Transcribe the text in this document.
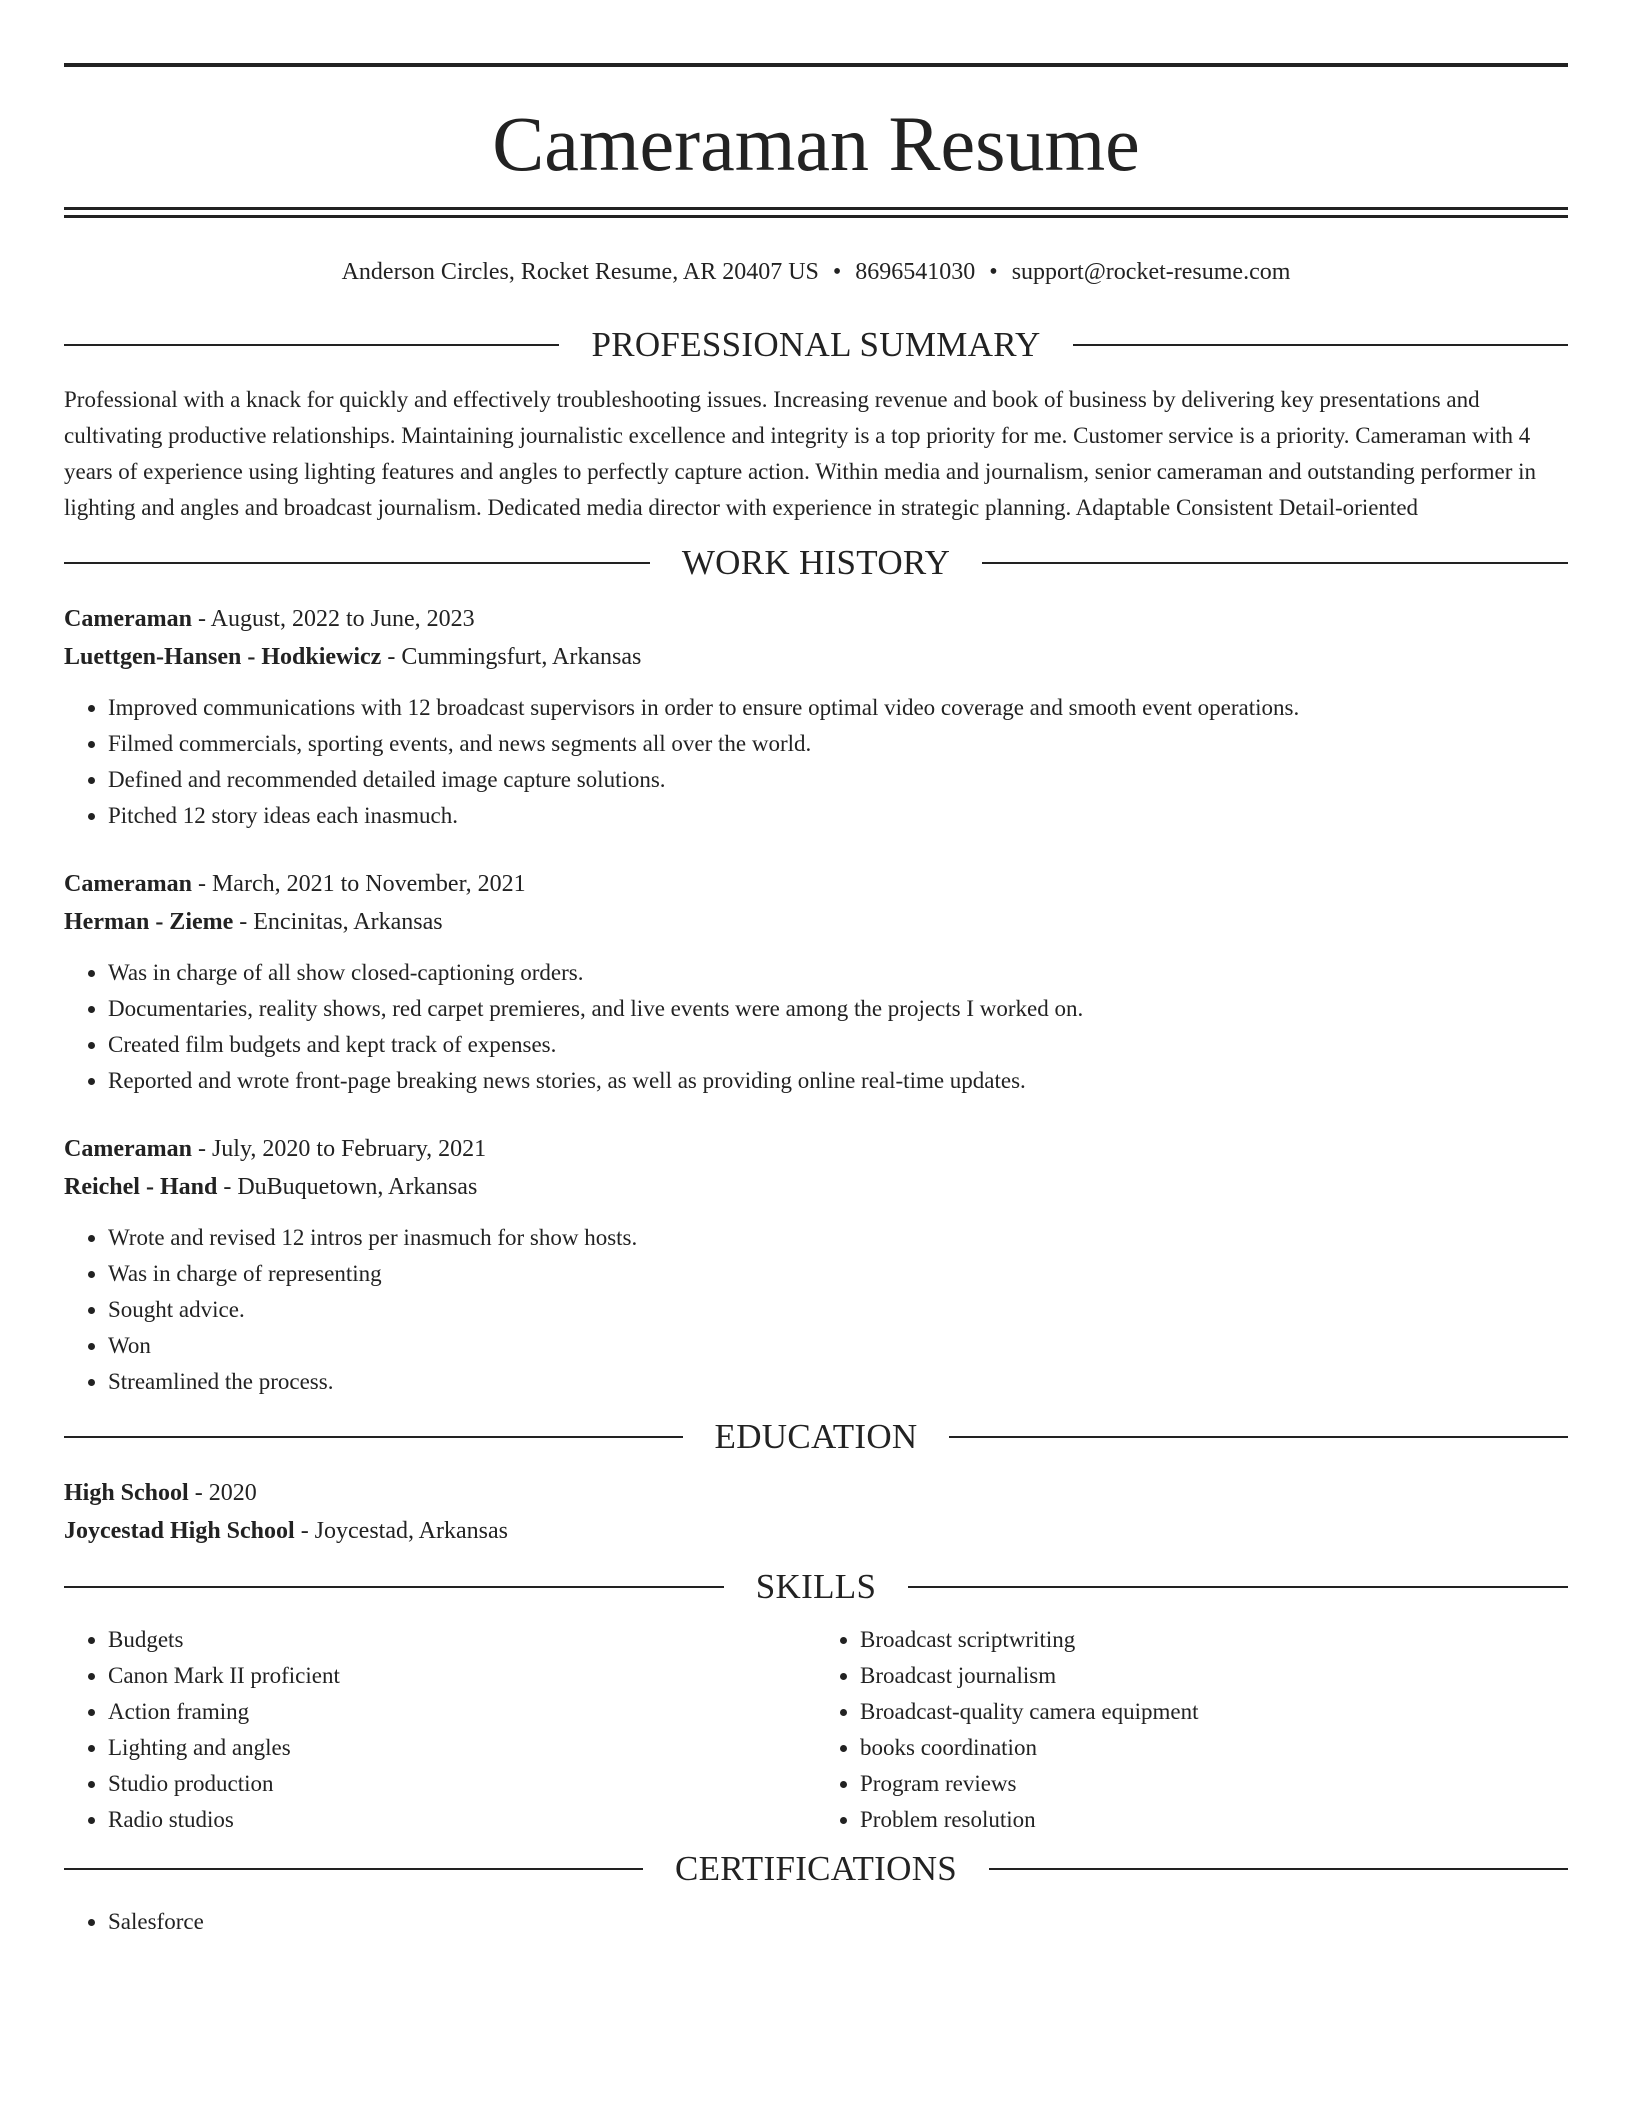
Cameraman Resume
Anderson Circles, Rocket Resume, AR 20407 US • 8696541030 • support@rocket-resume.com
PROFESSIONAL SUMMARY

Professional with a knack for quickly and effectively troubleshooting issues. Increasing revenue and book of business by delivering key presentations and cultivating productive relationships. Maintaining journalistic excellence and integrity is a top priority for me. Customer service is a priority. Cameraman with 4 years of experience using lighting features and angles to perfectly capture action. Within media and journalism, senior cameraman and outstanding performer in lighting and angles and broadcast journalism. Dedicated media director with experience in strategic planning. Adaptable Consistent Detail-oriented

WORK HISTORY
Cameraman - August, 2022 to June, 2023
Luettgen-Hansen - Hodkiewicz - Cummingsfurt, Arkansas
• Improved communications with 12 broadcast supervisors in order to ensure optimal video coverage and smooth event operations.
• Filmed commercials, sporting events, and news segments all over the world.
• Defined and recommended detailed image capture solutions.
• Pitched 12 story ideas each inasmuch.
Cameraman - March, 2021 to November, 2021
Herman - Zieme - Encinitas, Arkansas
• Was in charge of all show closed-captioning orders.
• Documentaries, reality shows, red carpet premieres, and live events were among the projects I worked on.
• Created film budgets and kept track of expenses.
• Reported and wrote front-page breaking news stories, as well as providing online real-time updates.
Cameraman - July, 2020 to February, 2021
Reichel - Hand - DuBuquetown, Arkansas
• Wrote and revised 12 intros per inasmuch for show hosts.
• Was in charge of representing
• Sought advice.
• Won
• Streamlined the process.
EDUCATION
High School - 2020
Joycestad High School - Joycestad, Arkansas
SKILLS
• Budgets
• Canon Mark II proficient
• Action framing
• Lighting and angles
• Studio production
• Radio studios
• Broadcast scriptwriting
• Broadcast journalism
• Broadcast-quality camera equipment
• books coordination
• Program reviews
• Problem resolution
CERTIFICATIONS
• Salesforce
